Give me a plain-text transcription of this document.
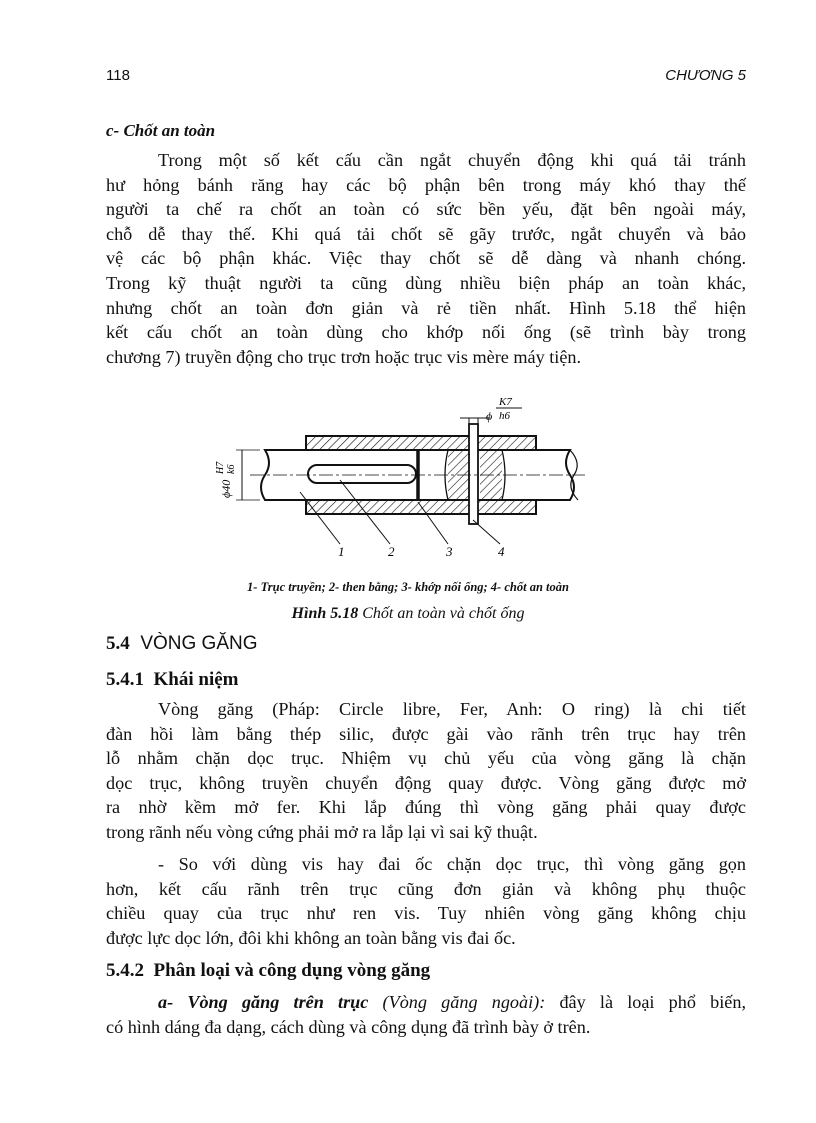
118	CHƯƠNG 5
c- Chốt an toàn
Trong một số kết cấu cần ngắt chuyển động khi quá tải tránh
hư hỏng bánh răng hay các bộ phận bên trong máy khó thay thế
người ta chế ra chốt an toàn có sức bền yếu, đặt bên ngoài máy,
chỗ dễ thay thế. Khi quá tải chốt sẽ gãy trước, ngắt chuyển và bảo
vệ các bộ phận khác. Việc thay chốt sẽ dễ dàng và nhanh chóng.
Trong kỹ thuật người ta cũng dùng nhiều biện pháp an toàn khác,
nhưng chốt an toàn đơn giản và rẻ tiền nhất. Hình 5.18 thể hiện
kết cấu chốt an toàn dùng cho khớp nối ống (sẽ trình bày trong
chương 7) truyền động cho trục trơn hoặc trục vis mère máy tiện.
ϕ
K7
h6
ϕ40
H7 k6
1	2	3	4
1- Trục truyền; 2- then bằng; 3- khớp nối ống; 4- chốt an toàn
Hình 5.18 Chốt an toàn và chốt ống
5.4 VÒNG GĂNG
5.4.1 Khái niệm
Vòng găng (Pháp: Circle libre, Fer, Anh: O ring) là chi tiết
đàn hồi làm bằng thép silic, được gài vào rãnh trên trục hay trên
lỗ nhằm chặn dọc trục. Nhiệm vụ chủ yếu của vòng găng là chặn
dọc trục, không truyền chuyển động quay được. Vòng găng được mở
ra nhờ kềm mở fer. Khi lắp đúng thì vòng găng phải quay được
trong rãnh nếu vòng cứng phải mở ra lắp lại vì sai kỹ thuật.
- So với dùng vis hay đai ốc chặn dọc trục, thì vòng găng gọn
hơn, kết cấu rãnh trên trục cũng đơn giản và không phụ thuộc
chiều quay của trục như ren vis. Tuy nhiên vòng găng không chịu
được lực dọc lớn, đôi khi không an toàn bằng vis đai ốc.
5.4.2 Phân loại và công dụng vòng găng
a- Vòng găng trên trục (Vòng găng ngoài): đây là loại phổ biến,
có hình dáng đa dạng, cách dùng và công dụng đã trình bày ở trên.
